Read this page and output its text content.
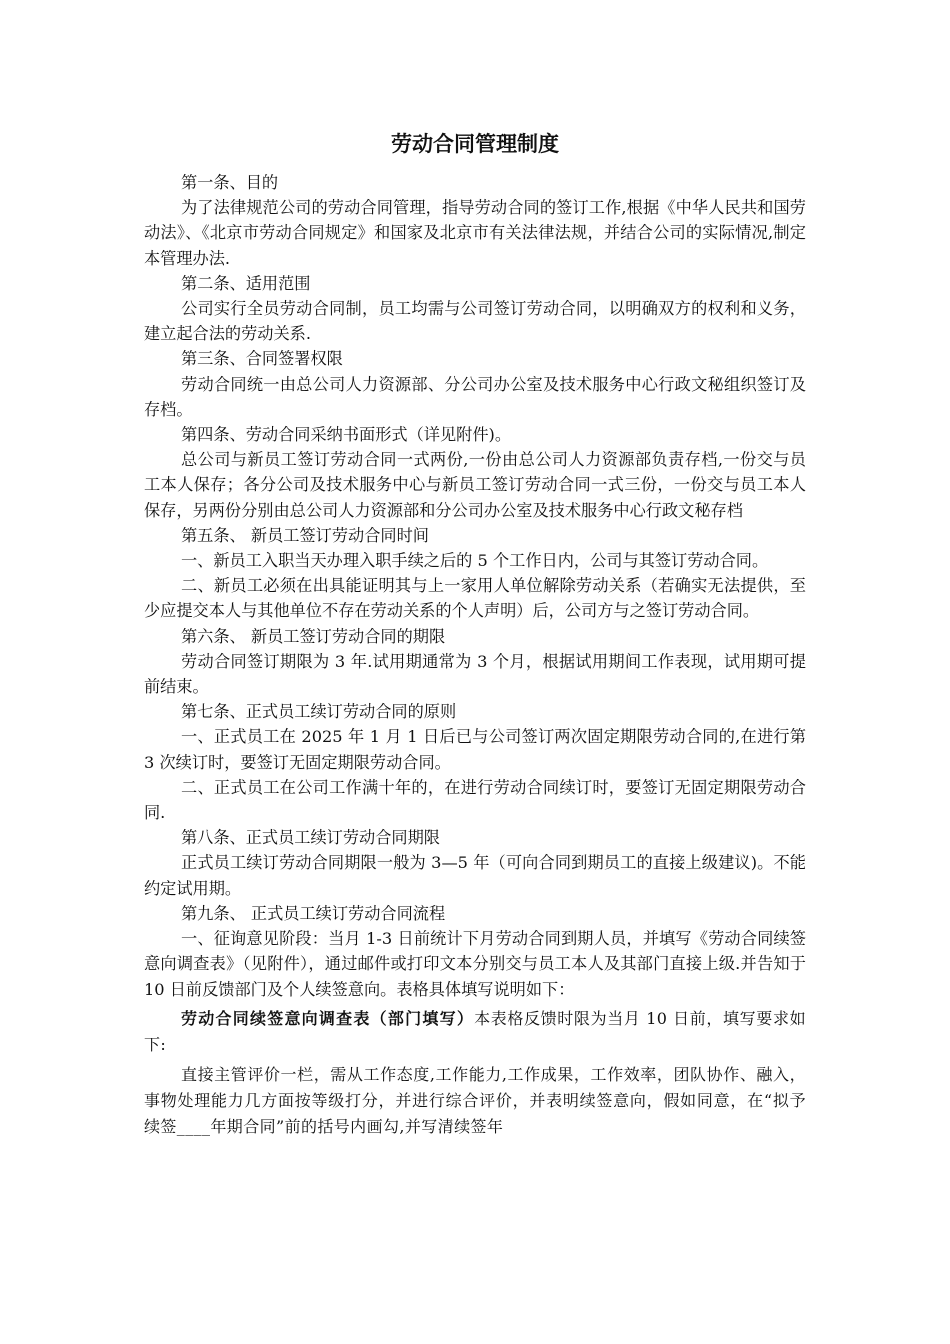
劳动合同管理制度

第一条、目的

为了法律规范公司的劳动合同管理，指导劳动合同的签订工作,根据《中华人民共和国劳动法》、《北京市劳动合同规定》和国家及北京市有关法律法规，并结合公司的实际情况,制定本管理办法.

第二条、适用范围

公司实行全员劳动合同制，员工均需与公司签订劳动合同，以明确双方的权利和义务，建立起合法的劳动关系.

第三条、合同签署权限

劳动合同统一由总公司人力资源部、分公司办公室及技术服务中心行政文秘组织签订及存档。

第四条、劳动合同采纳书面形式（详见附件)。

总公司与新员工签订劳动合同一式两份,一份由总公司人力资源部负责存档,一份交与员工本人保存；各分公司及技术服务中心与新员工签订劳动合同一式三份，一份交与员工本人保存，另两份分别由总公司人力资源部和分公司办公室及技术服务中心行政文秘存档

第五条、 新员工签订劳动合同时间

一、新员工入职当天办理入职手续之后的 5 个工作日内，公司与其签订劳动合同。

二、新员工必须在出具能证明其与上一家用人单位解除劳动关系（若确实无法提供，至少应提交本人与其他单位不存在劳动关系的个人声明）后，公司方与之签订劳动合同。

第六条、 新员工签订劳动合同的期限

劳动合同签订期限为 3 年.试用期通常为 3 个月，根据试用期间工作表现，试用期可提前结束。

第七条、正式员工续订劳动合同的原则

一、正式员工在 2025 年 1 月 1 日后已与公司签订两次固定期限劳动合同的,在进行第 3 次续订时，要签订无固定期限劳动合同。

二、正式员工在公司工作满十年的，在进行劳动合同续订时，要签订无固定期限劳动合同.

第八条、正式员工续订劳动合同期限

正式员工续订劳动合同期限一般为 3—5 年（可向合同到期员工的直接上级建议)。不能约定试用期。

第九条、 正式员工续订劳动合同流程

一、征询意见阶段：当月 1-3 日前统计下月劳动合同到期人员，并填写《劳动合同续签意向调查表》（见附件），通过邮件或打印文本分别交与员工本人及其部门直接上级.并告知于 10 日前反馈部门及个人续签意向。表格具体填写说明如下：

劳动合同续签意向调查表（部门填写）本表格反馈时限为当月 10 日前，填写要求如下:

直接主管评价一栏，需从工作态度,工作能力,工作成果，工作效率，团队协作、融入，事物处理能力几方面按等级打分，并进行综合评价，并表明续签意向，假如同意，在“拟予续签____年期合同”前的括号内画勾,并写清续签年
